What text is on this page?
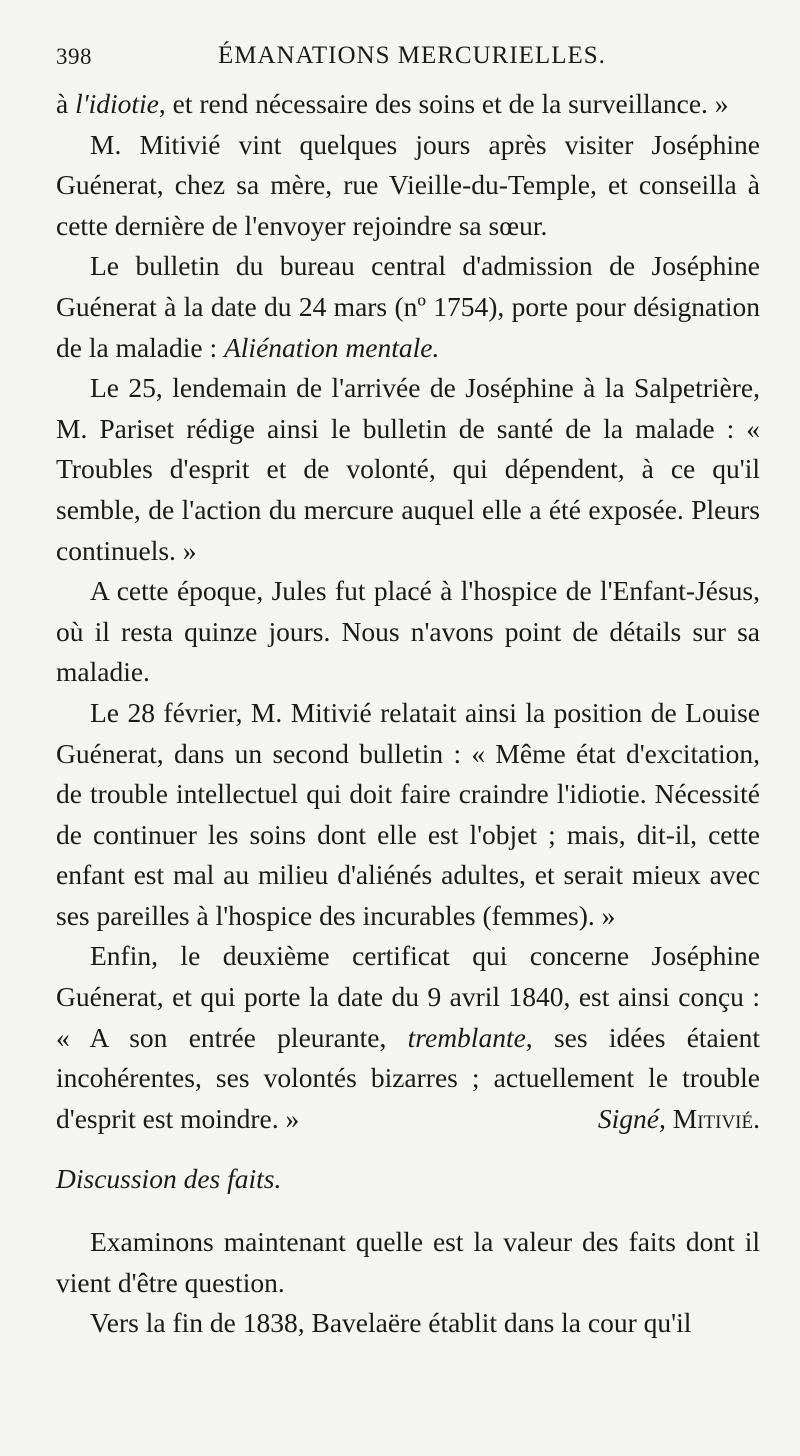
398	ÉMANATIONS MERCURIELLES.

à l'idiotie, et rend nécessaire des soins et de la surveillance. »

M. Mitivié vint quelques jours après visiter Joséphine Guénerat, chez sa mère, rue Vieille-du-Temple, et conseilla à cette dernière de l'envoyer rejoindre sa sœur.

Le bulletin du bureau central d'admission de Joséphine Guénerat à la date du 24 mars (nº 1754), porte pour désignation de la maladie : Aliénation mentale.

Le 25, lendemain de l'arrivée de Joséphine à la Salpetrière, M. Pariset rédige ainsi le bulletin de santé de la malade : « Troubles d'esprit et de volonté, qui dépendent, à ce qu'il semble, de l'action du mercure auquel elle a été exposée. Pleurs continuels. »

A cette époque, Jules fut placé à l'hospice de l'Enfant-Jésus, où il resta quinze jours. Nous n'avons point de détails sur sa maladie.

Le 28 février, M. Mitivié relatait ainsi la position de Louise Guénerat, dans un second bulletin : « Même état d'excitation, de trouble intellectuel qui doit faire craindre l'idiotie. Nécessité de continuer les soins dont elle est l'objet ; mais, dit-il, cette enfant est mal au milieu d'aliénés adultes, et serait mieux avec ses pareilles à l'hospice des incurables (femmes). »

Enfin, le deuxième certificat qui concerne Joséphine Guénerat, et qui porte la date du 9 avril 1840, est ainsi conçu : « A son entrée pleurante, tremblante, ses idées étaient incohérentes, ses volontés bizarres ; actuellement le trouble d'esprit est moindre. »	Signé, Mitivié.

Discussion des faits.

Examinons maintenant quelle est la valeur des faits dont il vient d'être question.

Vers la fin de 1838, Bavelaëre établit dans la cour qu'il
